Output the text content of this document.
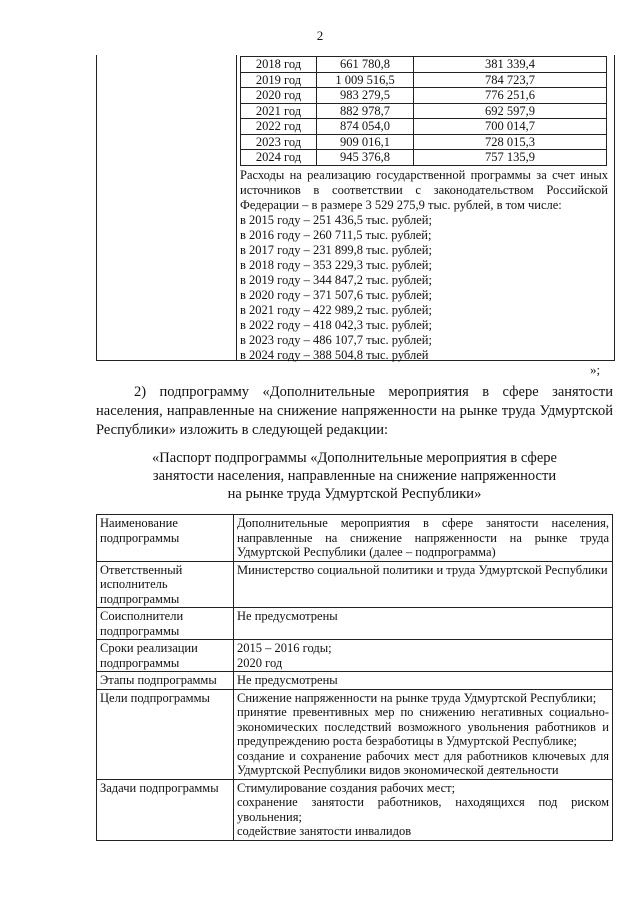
2
2018 год	661 780,8	381 339,4
2019 год	1 009 516,5	784 723,7
2020 год	983 279,5	776 251,6
2021 год	882 978,7	692 597,9
2022 год	874 054,0	700 014,7
2023 год	909 016,1	728 015,3
2024 год	945 376,8	757 135,9
Расходы на реализацию государственной программы за счет иных источников в соответствии с законодательством Российской Федерации – в размере 3 529 275,9 тыс. рублей, в том числе:
в 2015 году – 251 436,5 тыс. рублей;
в 2016 году – 260 711,5 тыс. рублей;
в 2017 году – 231 899,8 тыс. рублей;
в 2018 году – 353 229,3 тыс. рублей;
в 2019 году – 344 847,2 тыс. рублей;
в 2020 году – 371 507,6 тыс. рублей;
в 2021 году – 422 989,2 тыс. рублей;
в 2022 году – 418 042,3 тыс. рублей;
в 2023 году – 486 107,7 тыс. рублей;
в 2024 году – 388 504,8 тыс. рублей
»;
2) подпрограмму «Дополнительные мероприятия в сфере занятости населения, направленные на снижение напряженности на рынке труда Удмуртской Республики» изложить в следующей редакции:
«Паспорт подпрограммы «Дополнительные мероприятия в сфере
занятости населения, направленные на снижение напряженности
на рынке труда Удмуртской Республики»
Наименование подпрограммы	Дополнительные мероприятия в сфере занятости населения, направленные на снижение напряженности на рынке труда Удмуртской Республики (далее – подпрограмма)
Ответственный исполнитель подпрограммы	Министерство социальной политики и труда Удмуртской Республики
Соисполнители подпрограммы	Не предусмотрены
Сроки реализации подпрограммы	2015 – 2016 годы;
2020 год

Этапы подпрограммы	Не предусмотрены
Цели подпрограммы	Снижение напряженности на рынке труда Удмуртской Республики;
принятие превентивных мер по снижению негативных социально-экономических последствий возможного увольнения работников и предупреждению роста безработицы в Удмуртской Республике;
создание и сохранение рабочих мест для работников ключевых для Удмуртской Республики видов экономической деятельности

Задачи подпрограммы	Стимулирование создания рабочих мест;
сохранение занятости работников, находящихся под риском увольнения;
содействие занятости инвалидов
